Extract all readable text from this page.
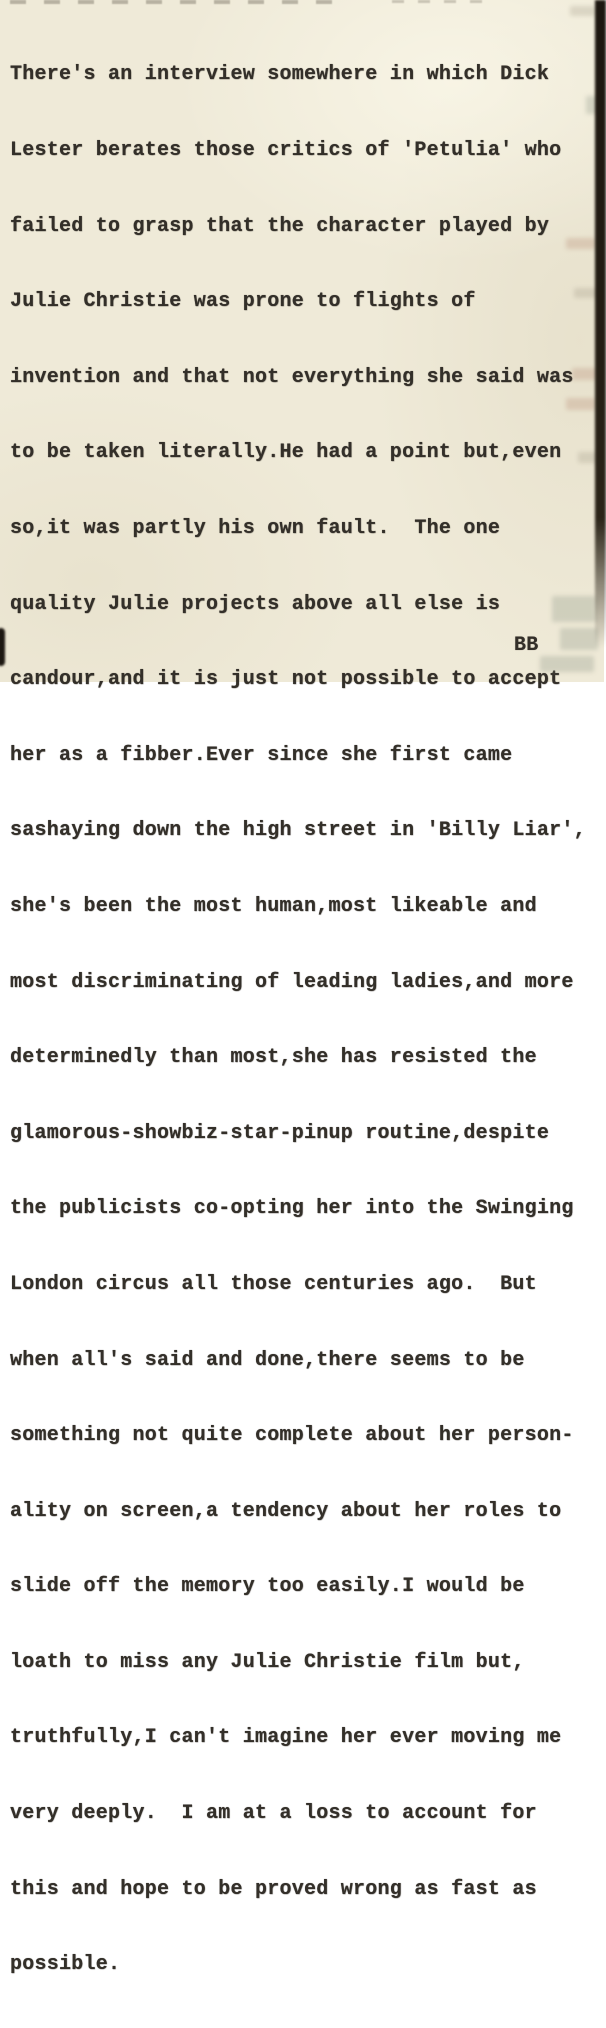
There's an interview somewhere in which Dick

Lester berates those critics of 'Petulia' who

failed to grasp that the character played by

Julie Christie was prone to flights of

invention and that not everything she said was

to be taken literally.He had a point but,even

so,it was partly his own fault.  The one

quality Julie projects above all else is

candour,and it is just not possible to accept

her as a fibber.Ever since she first came

sashaying down the high street in 'Billy Liar',

she's been the most human,most likeable and

most discriminating of leading ladies,and more

determinedly than most,she has resisted the

glamorous-showbiz-star-pinup routine,despite

the publicists co-opting her into the Swinging

London circus all those centuries ago.  But

when all's said and done,there seems to be

something not quite complete about her person-

ality on screen,a tendency about her roles to

slide off the memory too easily.I would be

loath to miss any Julie Christie film but,

truthfully,I can't imagine her ever moving me

very deeply.  I am at a loss to account for

this and hope to be proved wrong as fast as

possible.

BB
